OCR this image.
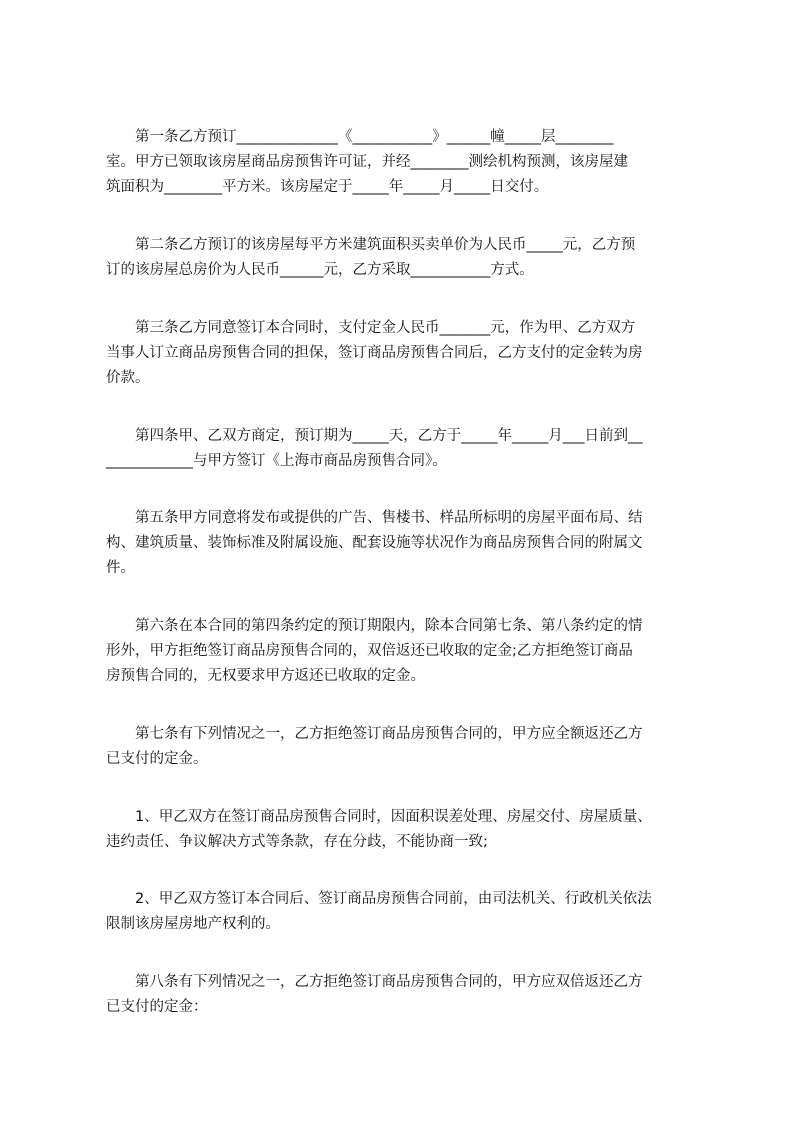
第一条乙方预订______________《___________》______幢_____层________
室。甲方已领取该房屋商品房预售许可证，并经________测绘机构预测，该房屋建
筑面积为________平方米。该房屋定于_____年_____月_____日交付。
第二条乙方预订的该房屋每平方米建筑面积买卖单价为人民币_____元，乙方预
订的该房屋总房价为人民币______元，乙方采取___________方式。
第三条乙方同意签订本合同时，支付定金人民币_______元，作为甲、乙方双方
当事人订立商品房预售合同的担保，签订商品房预售合同后，乙方支付的定金转为房
价款。
第四条甲、乙双方商定，预订期为_____天，乙方于_____年_____月___日前到__
____________与甲方签订《上海市商品房预售合同》。
第五条甲方同意将发布或提供的广告、售楼书、样品所标明的房屋平面布局、结
构、建筑质量、装饰标准及附属设施、配套设施等状况作为商品房预售合同的附属文
件。
第六条在本合同的第四条约定的预订期限内，除本合同第七条、第八条约定的情
形外，甲方拒绝签订商品房预售合同的，双倍返还已收取的定金;乙方拒绝签订商品
房预售合同的，无权要求甲方返还已收取的定金。
第七条有下列情况之一，乙方拒绝签订商品房预售合同的，甲方应全额返还乙方
已支付的定金。
1、甲乙双方在签订商品房预售合同时，因面积误差处理、房屋交付、房屋质量、
违约责任、争议解决方式等条款，存在分歧，不能协商一致;
2、甲乙双方签订本合同后、签订商品房预售合同前，由司法机关、行政机关依法
限制该房屋房地产权利的。
第八条有下列情况之一，乙方拒绝签订商品房预售合同的，甲方应双倍返还乙方
已支付的定金：
